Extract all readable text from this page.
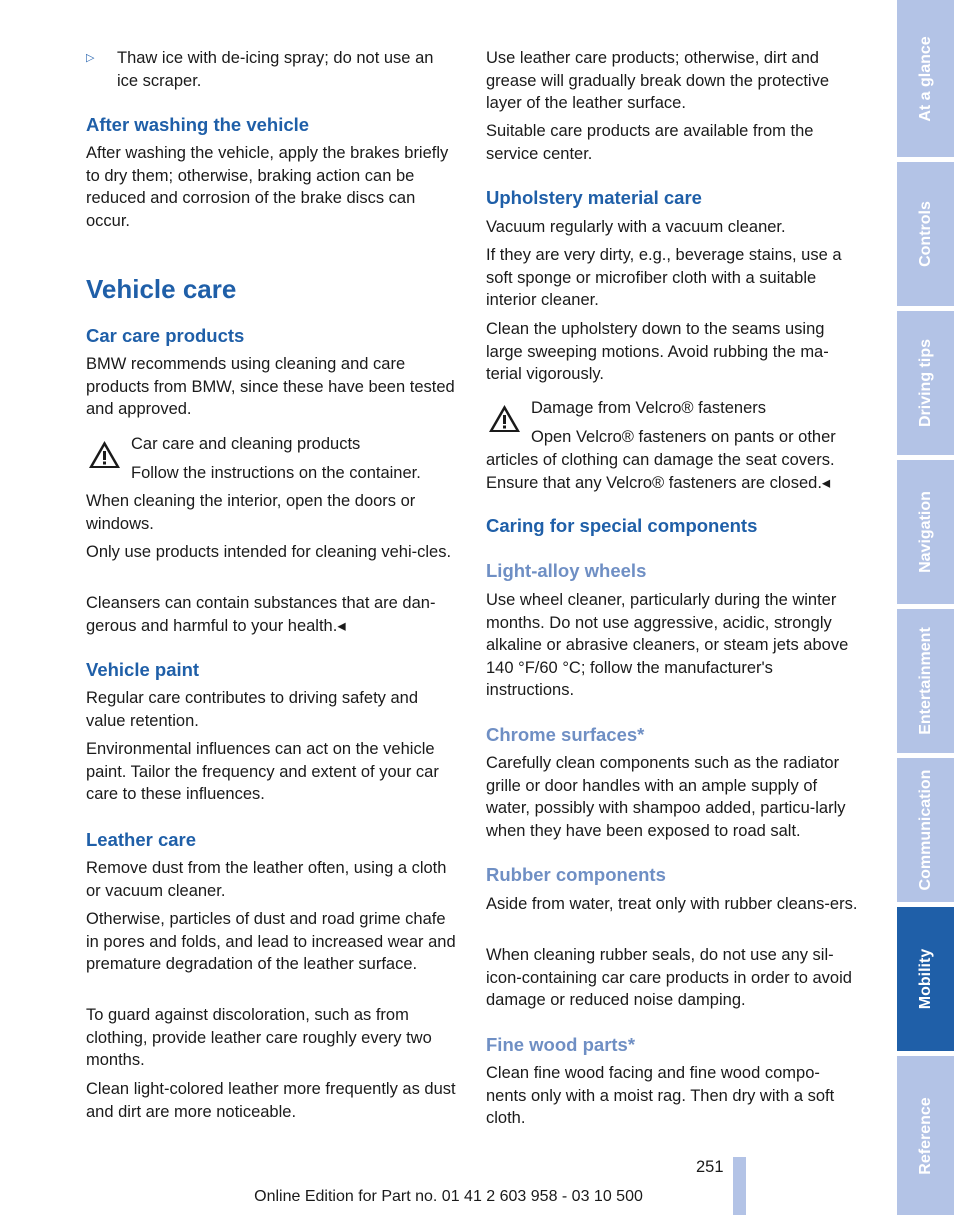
▷	Thaw ice with de-icing spray; do not use an ice scraper.
After washing the vehicle

After washing the vehicle, apply the brakes briefly to dry them; otherwise, braking action can be reduced and corrosion of the brake discs can occur.

Vehicle care
Car care products

BMW recommends using cleaning and care products from BMW, since these have been tested and approved.

Car care and cleaning products
Follow the instructions on the container.

When cleaning the interior, open the doors or windows.

Only use products intended for cleaning vehi-cles.

Cleansers can contain substances that are dan-gerous and harmful to your health.◂

Vehicle paint

Regular care contributes to driving safety and value retention.

Environmental influences can act on the vehicle paint. Tailor the frequency and extent of your car care to these influences.

Leather care

Remove dust from the leather often, using a cloth or vacuum cleaner.

Otherwise, particles of dust and road grime chafe in pores and folds, and lead to increased wear and premature degradation of the leather surface.

To guard against discoloration, such as from clothing, provide leather care roughly every two months.

Clean light-colored leather more frequently as dust and dirt are more noticeable.

Use leather care products; otherwise, dirt and grease will gradually break down the protective layer of the leather surface.

Suitable care products are available from the service center.

Upholstery material care

Vacuum regularly with a vacuum cleaner.

If they are very dirty, e.g., beverage stains, use a soft sponge or microfiber cloth with a suitable interior cleaner.

Clean the upholstery down to the seams using large sweeping motions. Avoid rubbing the ma-terial vigorously.

Damage from Velcro® fasteners
Open Velcro® fasteners on pants or other

articles of clothing can damage the seat covers. Ensure that any Velcro® fasteners are closed.◂

Caring for special components
Light-alloy wheels

Use wheel cleaner, particularly during the winter months. Do not use aggressive, acidic, strongly alkaline or abrasive cleaners, or steam jets above 140 °F/60 °C; follow the manufacturer's instructions.

Chrome surfaces*

Carefully clean components such as the radiator grille or door handles with an ample supply of water, possibly with shampoo added, particu-larly when they have been exposed to road salt.

Rubber components

Aside from water, treat only with rubber cleans-ers.

When cleaning rubber seals, do not use any sil-icon-containing car care products in order to avoid damage or reduced noise damping.

Fine wood parts*

Clean fine wood facing and fine wood compo-nents only with a moist rag. Then dry with a soft cloth.

At a glance
Controls
Driving tips
Navigation
Entertainment
Communication
Mobility
Reference
251
Online Edition for Part no. 01 41 2 603 958 - 03 10 500
